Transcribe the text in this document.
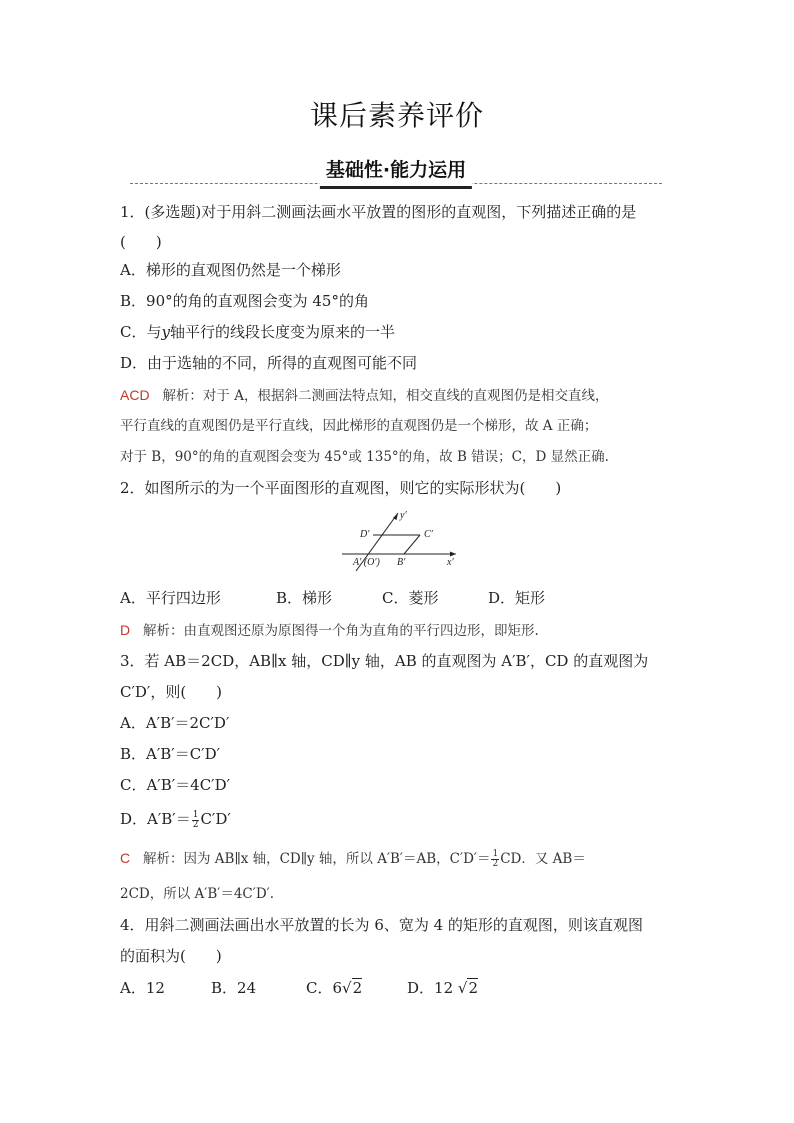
课后素养评价
基础性·能力运用
1．(多选题)对于用斜二测画法画水平放置的图形的直观图，下列描述正确的是
(　　)
A．梯形的直观图仍然是一个梯形
B．90°的角的直观图会变为 45°的角
C．与y轴平行的线段长度变为原来的一半
D．由于选轴的不同，所得的直观图可能不同
ACD 解析：对于 A，根据斜二测画法特点知，相交直线的直观图仍是相交直线，
平行直线的直观图仍是平行直线，因此梯形的直观图仍是一个梯形，故 A 正确；
对于 B，90°的角的直观图会变为 45°或 135°的角，故 B 错误；C，D 显然正确.
2．如图所示的为一个平面图形的直观图，则它的实际形状为(　　)
y′
x′
D′	C′
A′ (O′) B′
A．平行四边形	B．梯形	C．菱形	D．矩形
D 解析：由直观图还原为原图得一个角为直角的平行四边形，即矩形.
3．若 AB＝2CD，AB∥x 轴，CD∥y 轴，AB 的直观图为 A′B′，CD 的直观图为
C′D′，则(　　)
A．A′B′＝2C′D′
B．A′B′＝C′D′
C．A′B′＝4C′D′
D．$A'B'= \frac{1}{2} C'D'$
C 解析：因为 AB∥x 轴，CD∥y 轴，所以 A′B′＝AB，$C'D'= \frac{1}{2}$ CD．又 AB＝
2CD，所以 A′B′＝4C′D′.
4．用斜二测画法画出水平放置的长为 6、宽为 4 的矩形的直观图，则该直观图
的面积为(　　)
A．12	B．24	C．6√2	D．12 √2
